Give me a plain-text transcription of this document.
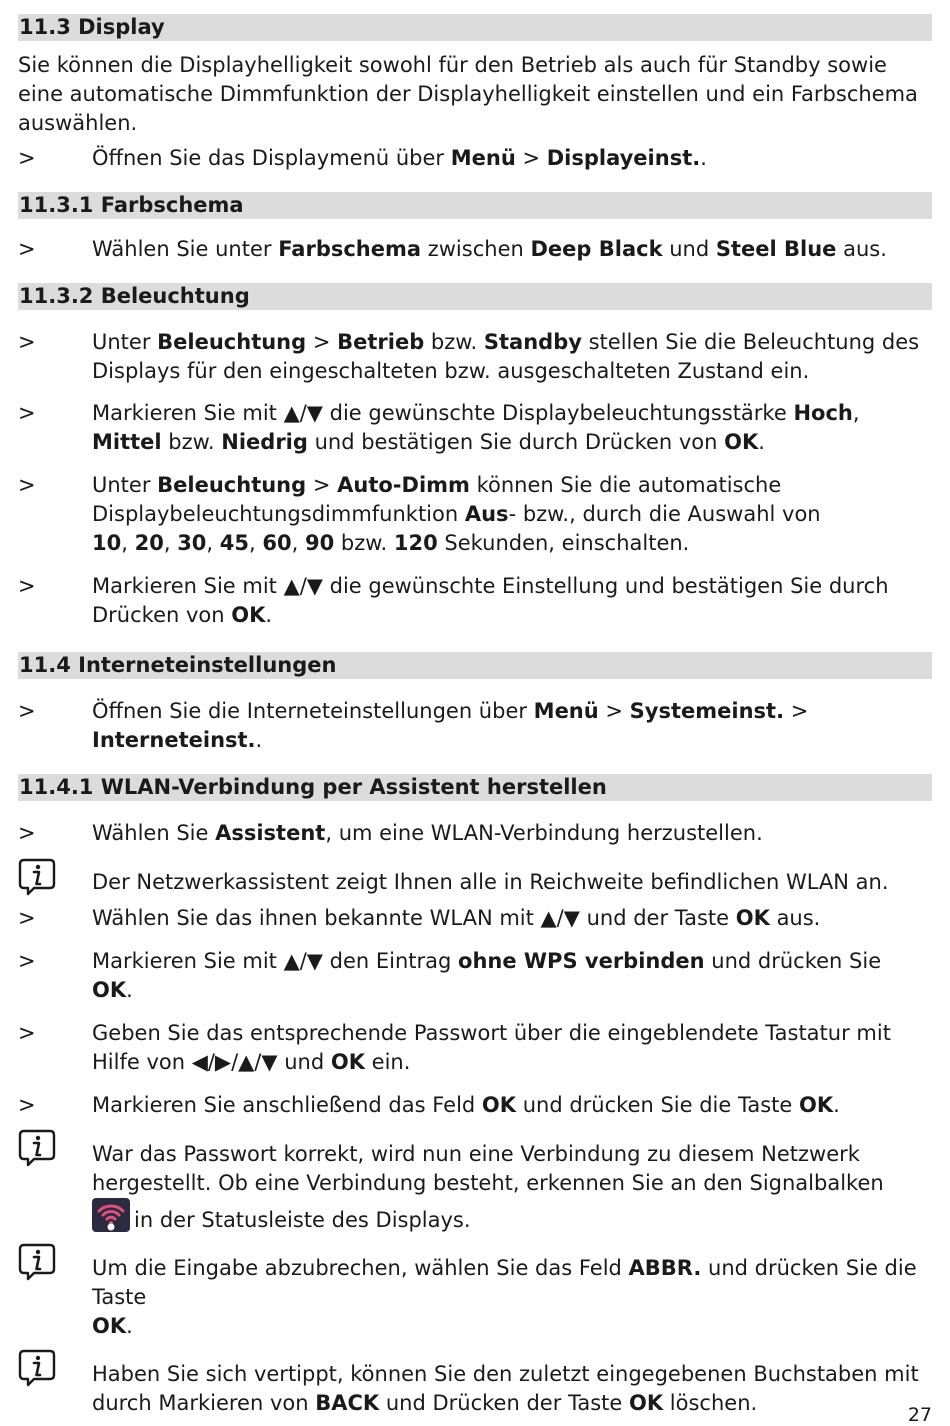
11.3 Display

Sie können die Displayhelligkeit sowohl für den Betrieb als auch für Standby sowie eine automatische Dimmfunktion der Displayhelligkeit einstellen und ein Farbschema auswählen.

>	Öffnen Sie das Displaymenü über Menü > Displayeinst..
11.3.1 Farbschema
>	Wählen Sie unter Farbschema zwischen Deep Black und Steel Blue aus.
11.3.2 Beleuchtung
>	Unter Beleuchtung > Betrieb bzw. Standby stellen Sie die Beleuchtung des Displays für den eingeschalteten bzw. ausgeschalteten Zustand ein.
>	Markieren Sie mit ▲/▼ die gewünschte Displaybeleuchtungsstärke Hoch, Mittel bzw. Niedrig und bestätigen Sie durch Drücken von OK.
>	Unter Beleuchtung > Auto-Dimm können Sie die automatische Displaybeleuchtungsdimmfunktion Aus- bzw., durch die Auswahl von
10, 20, 30, 45, 60, 90 bzw. 120 Sekunden, einschalten.
>	Markieren Sie mit ▲/▼ die gewünschte Einstellung und bestätigen Sie durch Drücken von OK.
11.4 Interneteinstellungen
>	Öffnen Sie die Interneteinstellungen über Menü > Systemeinst. >
Interneteinst..
11.4.1 WLAN-Verbindung per Assistent herstellen
>	Wählen Sie Assistent, um eine WLAN-Verbindung herzustellen.
Der Netzwerkassistent zeigt Ihnen alle in Reichweite befindlichen WLAN an.
>	Wählen Sie das ihnen bekannte WLAN mit ▲/▼ und der Taste OK aus.
>	Markieren Sie mit ▲/▼ den Eintrag ohne WPS verbinden und drücken Sie
OK.
>	Geben Sie das entsprechende Passwort über die eingeblendete Tastatur mit Hilfe von ◀/▶/▲/▼ und OK ein.
>	Markieren Sie anschließend das Feld OK und drücken Sie die Taste OK.
War das Passwort korrekt, wird nun eine Verbindung zu diesem Netzwerk hergestellt. Ob eine Verbindung besteht, erkennen Sie an den Signalbalken
in der Statusleiste des Displays.
Um die Eingabe abzubrechen, wählen Sie das Feld ABBR. und drücken Sie die Taste
OK.
Haben Sie sich vertippt, können Sie den zuletzt eingegebenen Buchstaben mit durch Markieren von BACK und Drücken der Taste OK löschen.	27
